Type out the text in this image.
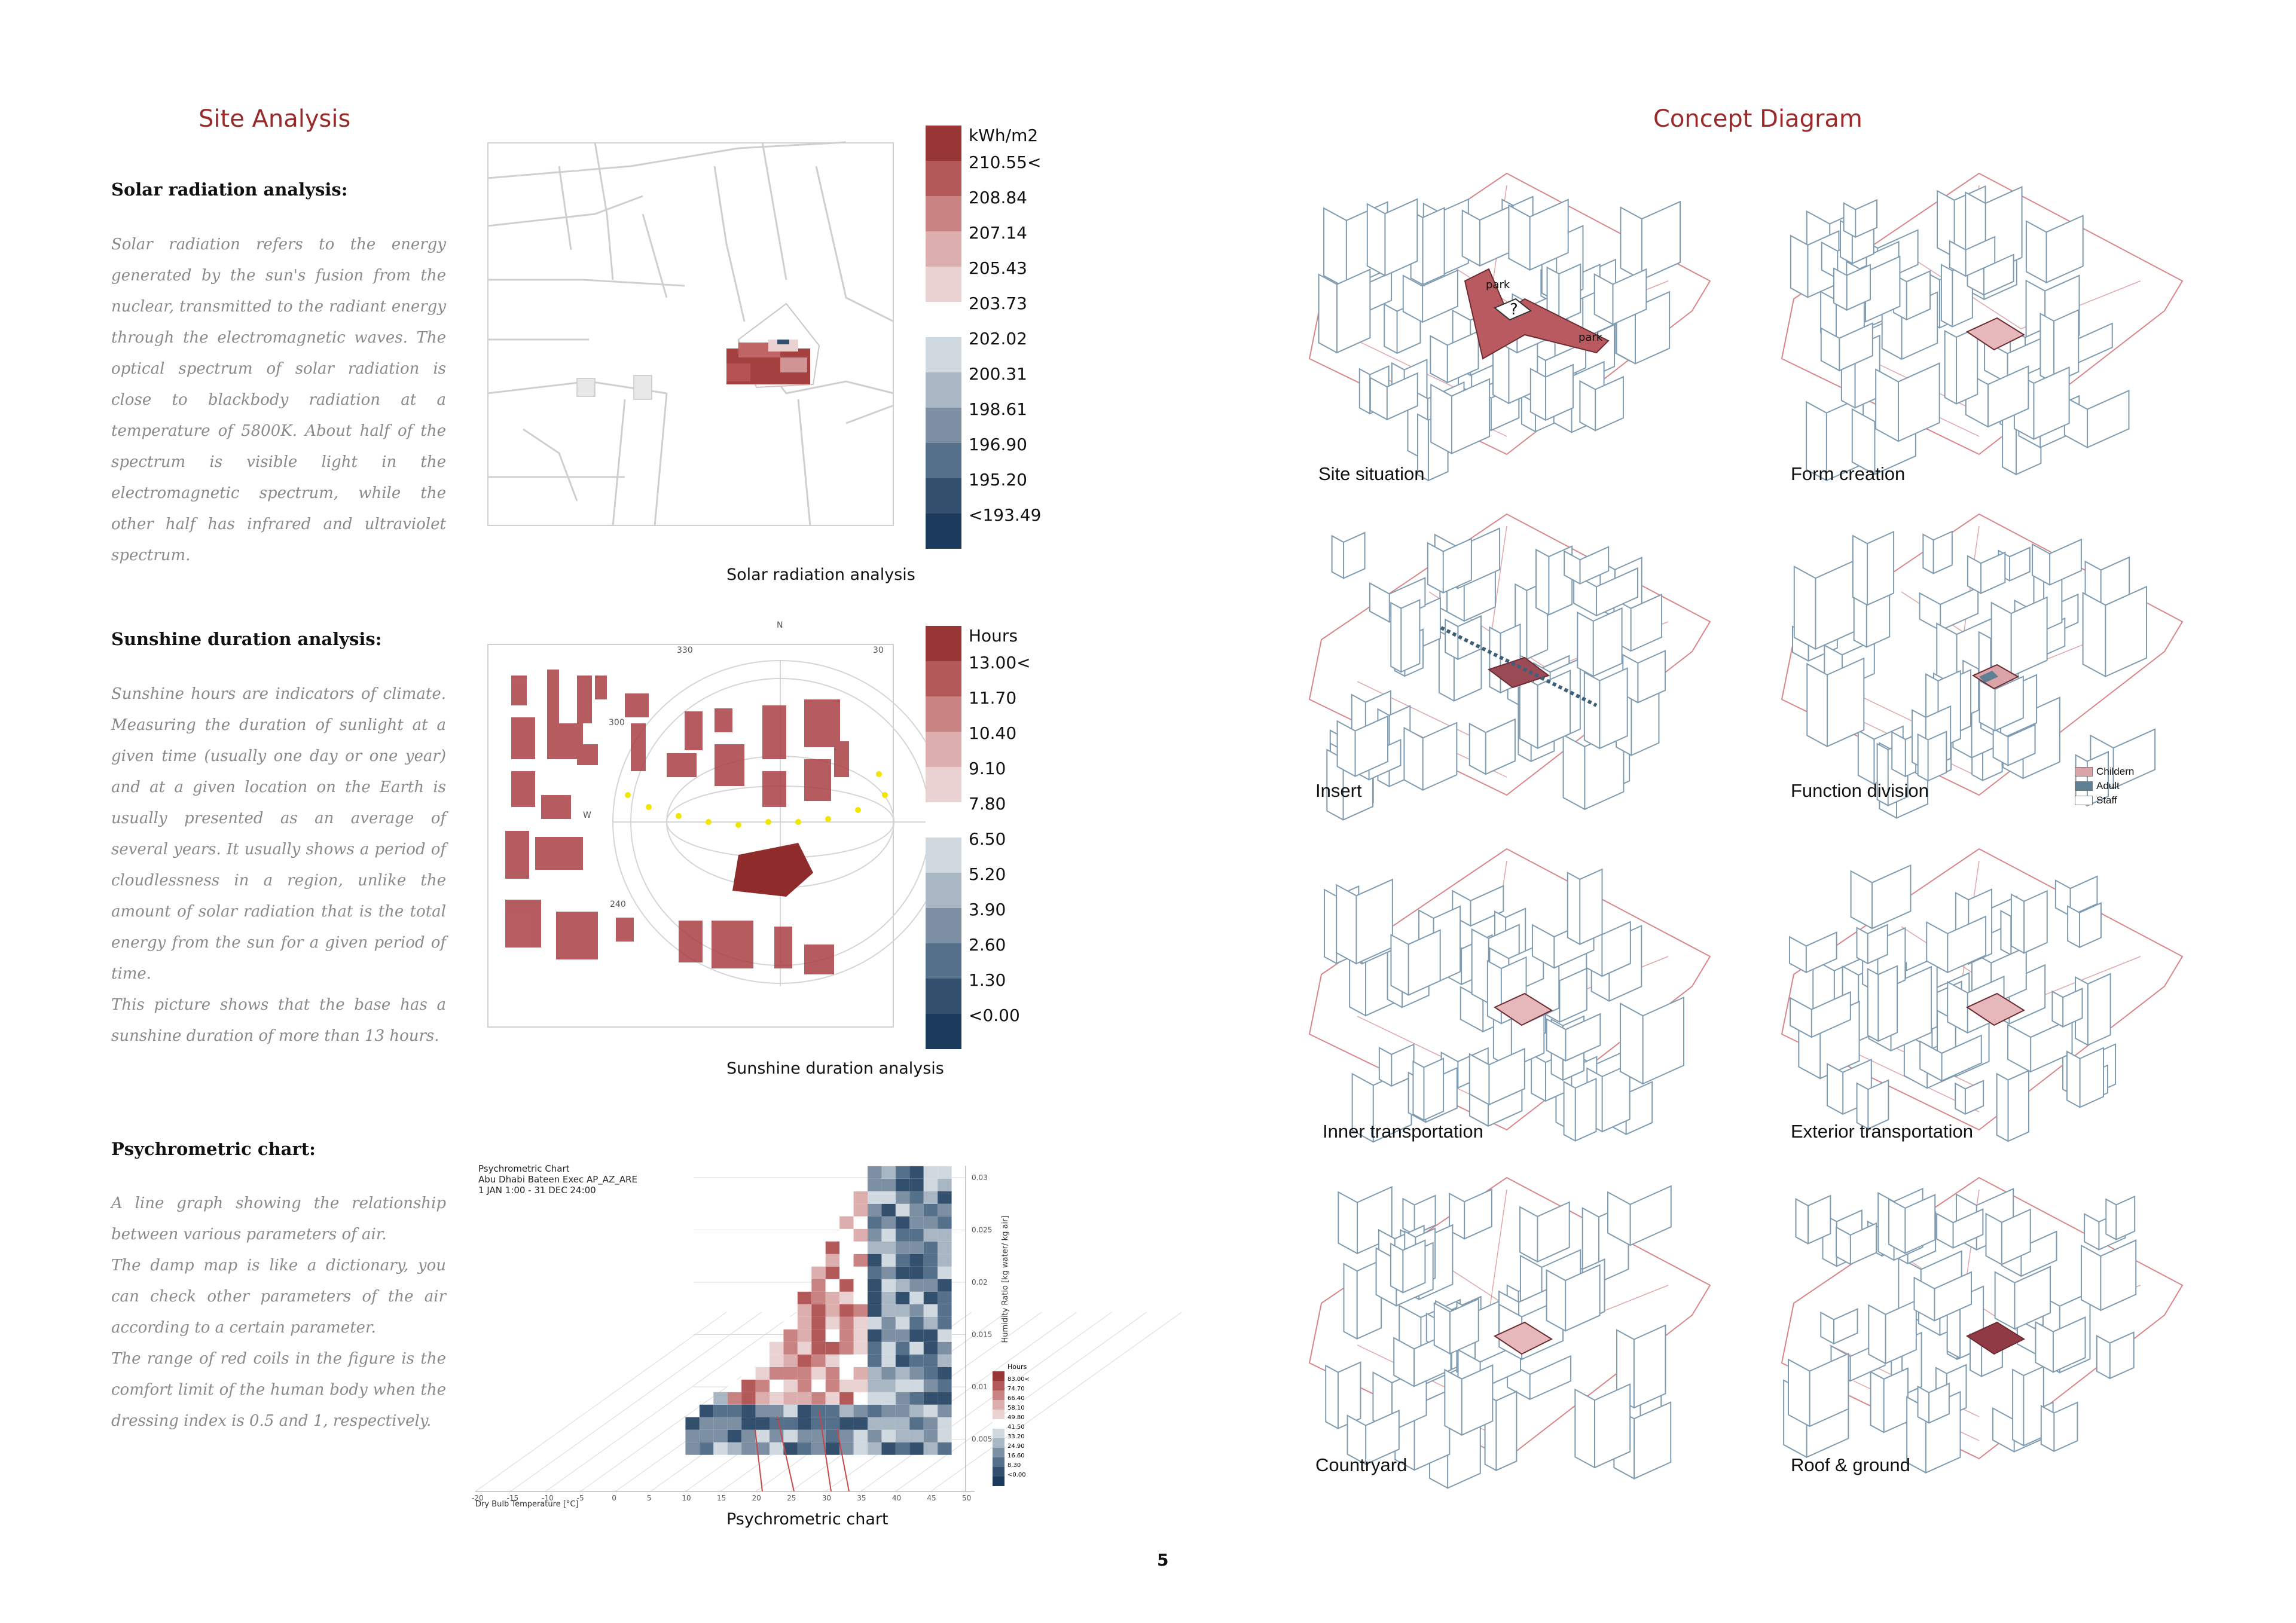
Site Analysis
Solar radiation analysis:
Solar radiation refers to the energy generated by the sun's fusion from the nuclear, transmitted to the radiant energy through the electromagnetic waves. The optical spectrum of solar radiation is close to blackbody radiation at a temperature of 5800K. About half of the spectrum is visible light in the electromagnetic spectrum, while the other half has infrared and ultraviolet spectrum.
kWh/m2
210.55<
208.84
207.14
205.43
203.73
202.02
200.31
198.61
196.90
195.20
<193.49
Solar radiation analysis
Sunshine duration analysis:

Sunshine hours are indicators of climate. Measuring the duration of sunlight at a given time (usually one day or one year) and at a given location on the Earth is usually presented as an average of several years. It usually shows a period of cloudlessness in a region, unlike the amount of solar radiation that is the total energy from the sun for a given period of time.

This picture shows that the base has a sunshine duration of more than 13 hours.

N
330	30
300
W
240
Hours
13.00<
11.70
10.40
9.10
7.80
6.50
5.20
3.90
2.60
1.30
<0.00
Sunshine duration analysis
Psychrometric chart:

A line graph showing the relationship between various parameters of air.

The damp map is like a dictionary, you can check other parameters of the air according to a certain parameter.

The range of red coils in the figure is the comfort limit of the human body when the dressing index is 0.5 and 1, respectively.

Psychrometric Chart
Abu Dhabi Bateen Exec AP_AZ_ARE
1 JAN 1:00 - 31 DEC 24:00
-20	-15	-10	-5	0	5	10	15	20	25	30	35	40	45	50
0.03
0.025
0.02
0.015
0.01
0.005
Dry Bulb Temperature [°C]
Humidity Ratio [kg water/ kg air]
Hours
83.00<
74.70
66.40
58.10
49.80
41.50
33.20
24.90
16.60
8.30
<0.00
Psychrometric chart
Concept Diagram
park
?
park
Site situation	Form creation
Insert	Function division
Inner transportation	Exterior transportation
Countryard	Roof & ground
Childern
Adult
Staff
5
